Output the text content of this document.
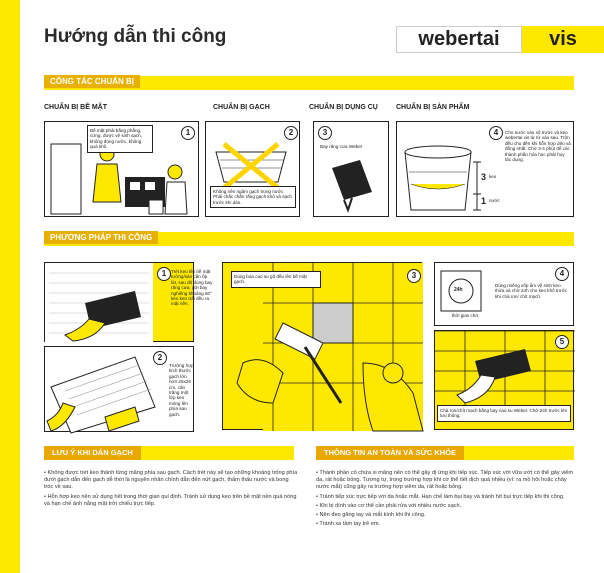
Hướng dẫn thi công	webertai	vis
CÔNG TÁC CHUẨN BỊ
CHUẨN BỊ BỀ MẶT	CHUẨN BỊ GẠCH	CHUẨN BỊ DỤNG CỤ	CHUẨN BỊ SẢN PHẨM
Bề mặt phải bằng phẳng, cứng, được vệ sinh sạch, không đọng nước, không quá khô.
1	2
Không nên ngâm gạch trong nước. Phải chắc chắn rằng gạch khô và sạch trước khi dán.
3
Bay răng cưa Weber
3
1
keo
nước
4	Cho nước vào xô trước và keo webertai vis từ từ vào sau. Trộn đều cho đến khi hỗn hợp dẻo và đồng nhất. Chờ 3-4 phút để các thành phần hóa học phát huy tác dụng.
PHƯƠNG PHÁP THI CÔNG
1	Trét keo lên bề mặt tường/sàn cần ốp lát, sau đó dùng bay răng cưa, gữi bay nghiêng khoảng 60° kéo keo trải đều ra mặt nền.
2
Trường hợp kích thước gạch lớn hơn 25x25 cm, cần trãng một lớp keo mỏng lên phía sau gạch.
Dùng búa cao su gõ đều lên bề mặt gạch.
3
24h
thời gian chờ
4
Dùng miếng xốp ẩm vệ sinh keo thừa và chờ 24h cho keo khô trước khi chà ron/ chít mạch.
5
Chà ron/chít mạch bằng bay cao su Weber. Chờ 24h trước khi lưu thông.
LƯU Ý KHI DÁN GẠCH
• Không được trét keo thành từng mảng phía sau gạch. Cách trét này sẽ tạo những khoảng trống phía dưới gạch dẫn đến gạch dễ thời là nguyên nhân chính dẫn đến nứt gạch, thấm thấu nước và bong tróc về sau.
• Hỗn hợp keo nên sử dụng hết trong thời gian qui định. Tránh sử dụng keo trên bề mặt nền quá nóng và hạn chế ánh nắng mặt trời chiếu trực tiếp.
THÔNG TIN AN TOÀN VÀ SỨC KHỎE
• Thành phần có chứa xi măng nên có thể gây dị ứng khi tiếp xúc. Tiếp xúc với vữa ướt có thể gây viêm da, rát hoặc bỏng. Tương tự, trong trường hợp khi cơ thể tiết dịch quá nhiều (ví: ra mồ hôi hoặc chảy nước mắt) cũng gây ra trường hợp viêm da, rát hoặc bỏng.
• Tránh tiếp xúc trực tiếp với da hoặc mắt. Hạn chế làm bụi bay và tránh hít bụi trực tiếp khi thi công.
• Khi bị dính vào cơ thể cần phải rửa với nhiều nước sạch.
• Nên đeo găng tay và mắt kính khi thi công.
• Tránh xa tầm tay trẻ em.
